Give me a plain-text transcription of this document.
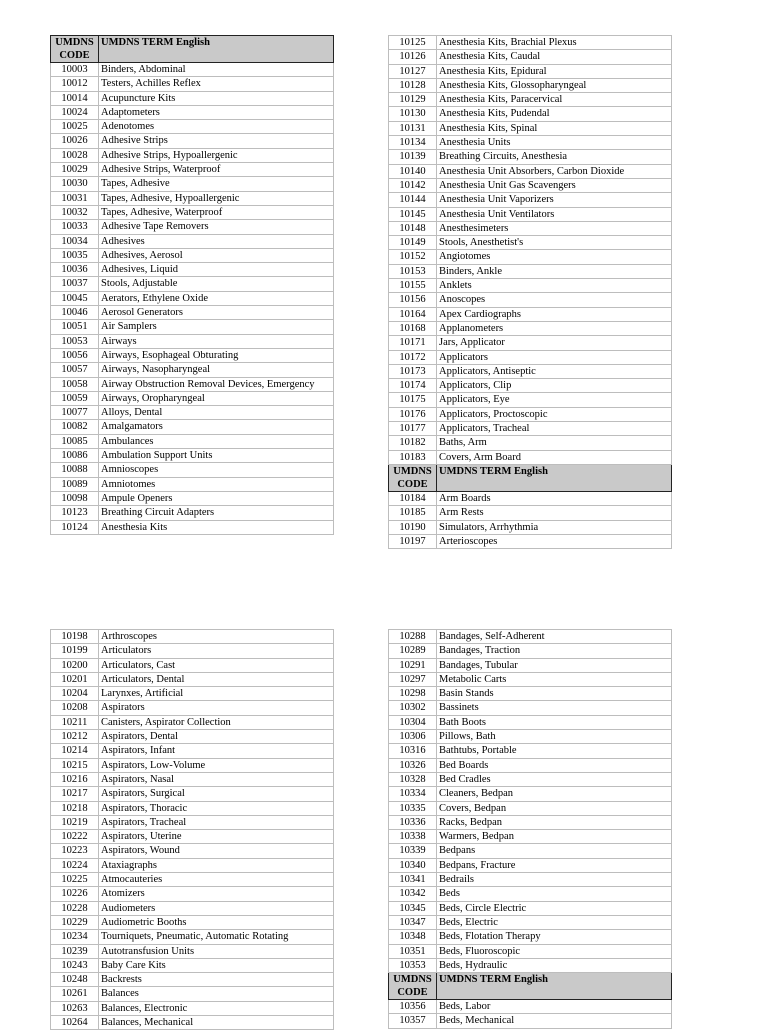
UMDNS CODE	UMDNS TERM English
10003	Binders, Abdominal
10012	Testers, Achilles Reflex
10014	Acupuncture Kits
10024	Adaptometers
10025	Adenotomes
10026	Adhesive Strips
10028	Adhesive Strips, Hypoallergenic
10029	Adhesive Strips, Waterproof
10030	Tapes, Adhesive
10031	Tapes, Adhesive, Hypoallergenic
10032	Tapes, Adhesive, Waterproof
10033	Adhesive Tape Removers
10034	Adhesives
10035	Adhesives, Aerosol
10036	Adhesives, Liquid
10037	Stools, Adjustable
10045	Aerators, Ethylene Oxide
10046	Aerosol Generators
10051	Air Samplers
10053	Airways
10056	Airways, Esophageal Obturating
10057	Airways, Nasopharyngeal
10058	Airway Obstruction Removal Devices, Emergency
10059	Airways, Oropharyngeal
10077	Alloys, Dental
10082	Amalgamators
10085	Ambulances
10086	Ambulation Support Units
10088	Amnioscopes
10089	Amniotomes
10098	Ampule Openers
10123	Breathing Circuit Adapters
10124	Anesthesia Kits
10125	Anesthesia Kits, Brachial Plexus
10126	Anesthesia Kits, Caudal
10127	Anesthesia Kits, Epidural
10128	Anesthesia Kits, Glossopharyngeal
10129	Anesthesia Kits, Paracervical
10130	Anesthesia Kits, Pudendal
10131	Anesthesia Kits, Spinal
10134	Anesthesia Units
10139	Breathing Circuits, Anesthesia
10140	Anesthesia Unit Absorbers, Carbon Dioxide
10142	Anesthesia Unit Gas Scavengers
10144	Anesthesia Unit Vaporizers
10145	Anesthesia Unit Ventilators
10148	Anesthesimeters
10149	Stools, Anesthetist's
10152	Angiotomes
10153	Binders, Ankle
10155	Anklets
10156	Anoscopes
10164	Apex Cardiographs
10168	Applanometers
10171	Jars, Applicator
10172	Applicators
10173	Applicators, Antiseptic
10174	Applicators, Clip
10175	Applicators, Eye
10176	Applicators, Proctoscopic
10177	Applicators, Tracheal
10182	Baths, Arm
10183	Covers, Arm Board
UMDNS CODE	UMDNS TERM English
10184	Arm Boards
10185	Arm Rests
10190	Simulators, Arrhythmia
10197	Arterioscopes
10198	Arthroscopes
10199	Articulators
10200	Articulators, Cast
10201	Articulators, Dental
10204	Larynxes, Artificial
10208	Aspirators
10211	Canisters, Aspirator Collection
10212	Aspirators, Dental
10214	Aspirators, Infant
10215	Aspirators, Low-Volume
10216	Aspirators, Nasal
10217	Aspirators, Surgical
10218	Aspirators, Thoracic
10219	Aspirators, Tracheal
10222	Aspirators, Uterine
10223	Aspirators, Wound
10224	Ataxiagraphs
10225	Atmocauteries
10226	Atomizers
10228	Audiometers
10229	Audiometric Booths
10234	Tourniquets, Pneumatic, Automatic Rotating
10239	Autotransfusion Units
10243	Baby Care Kits
10248	Backrests
10261	Balances
10263	Balances, Electronic
10264	Balances, Mechanical
10288	Bandages, Self-Adherent
10289	Bandages, Traction
10291	Bandages, Tubular
10297	Metabolic Carts
10298	Basin Stands
10302	Bassinets
10304	Bath Boots
10306	Pillows, Bath
10316	Bathtubs, Portable
10326	Bed Boards
10328	Bed Cradles
10334	Cleaners, Bedpan
10335	Covers, Bedpan
10336	Racks, Bedpan
10338	Warmers, Bedpan
10339	Bedpans
10340	Bedpans, Fracture
10341	Bedrails
10342	Beds
10345	Beds, Circle Electric
10347	Beds, Electric
10348	Beds, Flotation Therapy
10351	Beds, Fluoroscopic
10353	Beds, Hydraulic
UMDNS CODE	UMDNS TERM English
10356	Beds, Labor
10357	Beds, Mechanical
